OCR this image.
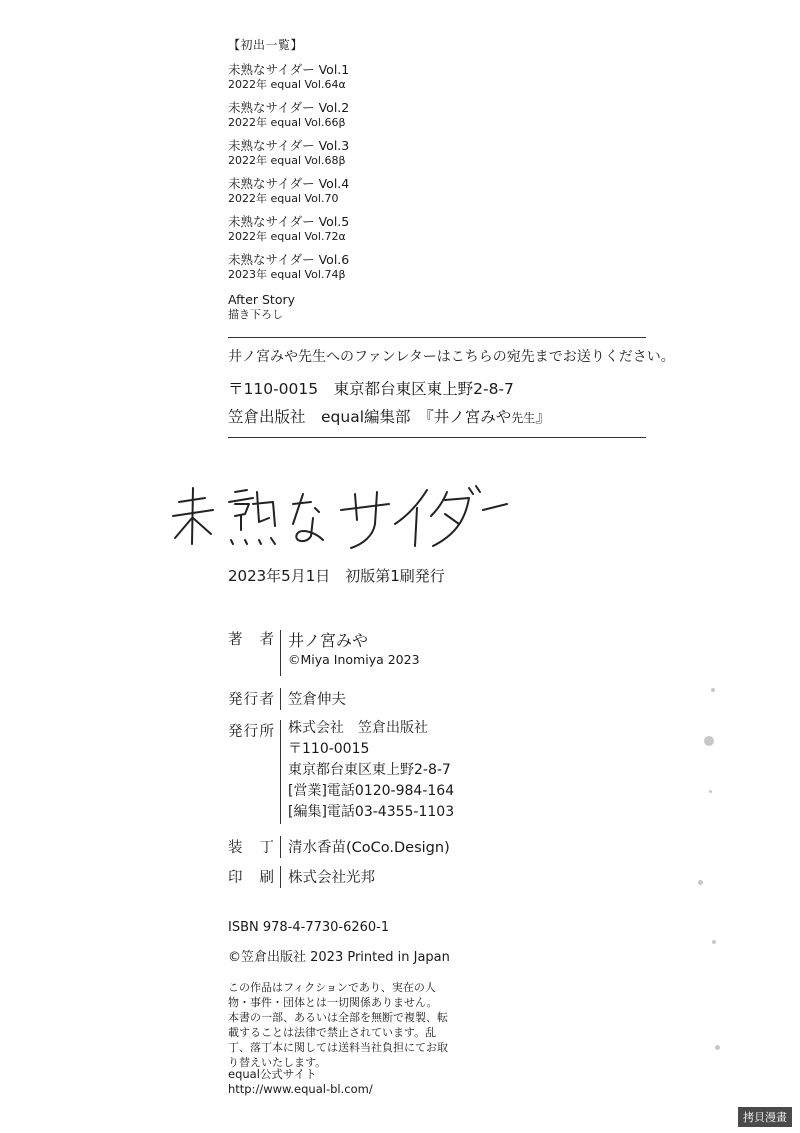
【初出一覧】
未熟なサイダー Vol.1
2022年 equal Vol.64α
未熟なサイダー Vol.2
2022年 equal Vol.66β
未熟なサイダー Vol.3
2022年 equal Vol.68β
未熟なサイダー Vol.4
2022年 equal Vol.70
未熟なサイダー Vol.5
2022年 equal Vol.72α
未熟なサイダー Vol.6
2023年 equal Vol.74β
After Story
描き下ろし
井ノ宮みや先生へのファンレターはこちらの宛先までお送りください。
〒110-0015　東京都台東区東上野2-8-7
笠倉出版社　equal編集部　『井ノ宮みや先生』
2023年5月1日　初版第1刷発行
著　者 井ノ宮みや
©Miya Inomiya 2023
発行者 笠倉伸夫
発行所 株式会社　笠倉出版社
〒110-0015
東京都台東区東上野2-8-7
[営業]電話0120-984-164
[編集]電話03-4355-1103
装　丁 清水香苗(CoCo.Design)
印　刷 株式会社光邦
ISBN 978-4-7730-6260-1
©笠倉出版社 2023 Printed in Japan
この作品はフィクションであり、実在の人物・事件・団体とは一切関係ありません。本書の一部、あるいは全部を無断で複製、転載することは法律で禁止されています。乱丁、落丁本に関しては送料当社負担にてお取り替えいたします。
equal公式サイト
http://www.equal-bl.com/
拷貝漫畫
